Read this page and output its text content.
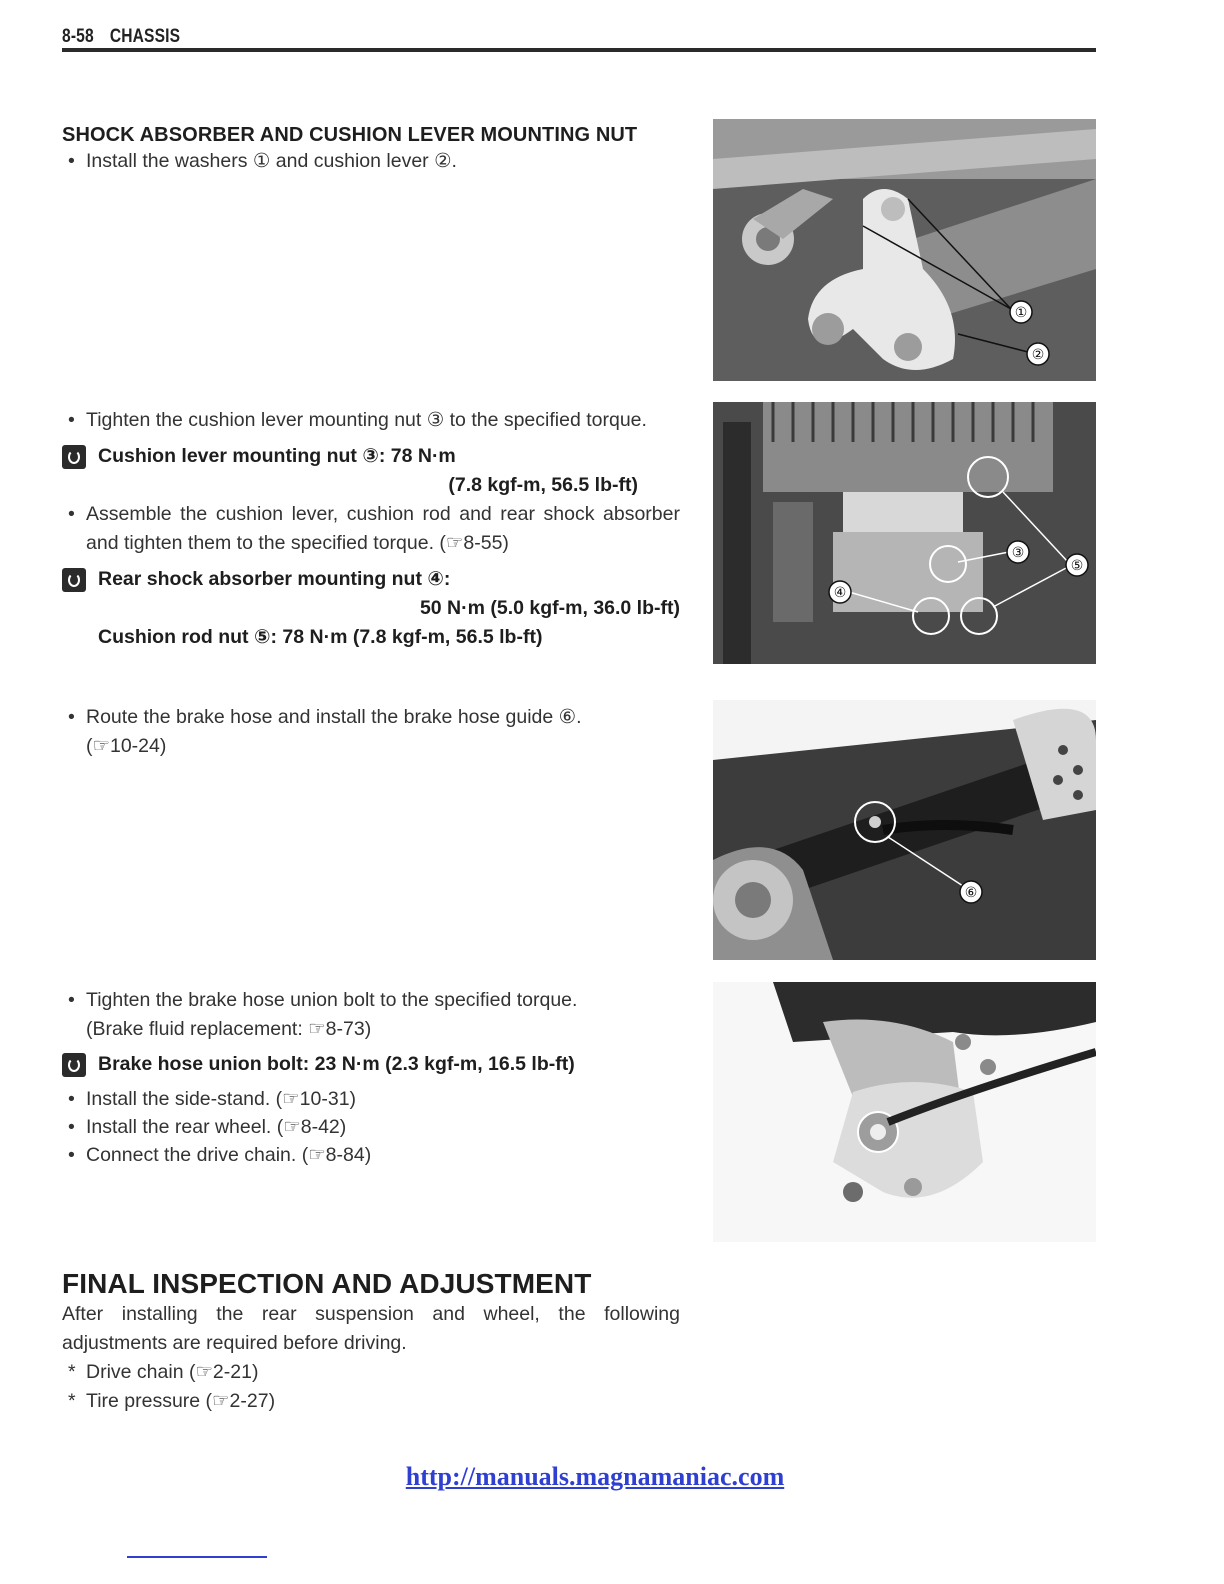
8-58 CHASSIS
SHOCK ABSORBER AND CUSHION LEVER MOUNTING NUT
• Install the washers ① and cushion lever ②.
• Tighten the cushion lever mounting nut ③ to the specified torque.
Cushion lever mounting nut ③: 78 N·m
(7.8 kgf-m, 56.5 lb-ft)
• Assemble the cushion lever, cushion rod and rear shock absorber and tighten them to the specified torque. (☞8-55)
Rear shock absorber mounting nut ④:
50 N·m (5.0 kgf-m, 36.0 lb-ft)
Cushion rod nut ⑤: 78 N·m (7.8 kgf-m, 56.5 lb-ft)
• Route the brake hose and install the brake hose guide ⑥.
(☞10-24)
• Tighten the brake hose union bolt to the specified torque.
(Brake fluid replacement: ☞8-73)
Brake hose union bolt: 23 N·m (2.3 kgf-m, 16.5 lb-ft)
• Install the side-stand. (☞10-31)
• Install the rear wheel. (☞8-42)
• Connect the drive chain. (☞8-84)
FINAL INSPECTION AND ADJUSTMENT
After installing the rear suspension and wheel, the following adjustments are required before driving.
* Drive chain (☞2-21)
* Tire pressure (☞2-27)
①
②
③
④
⑤
⑥
http://manuals.magnamaniac.com
